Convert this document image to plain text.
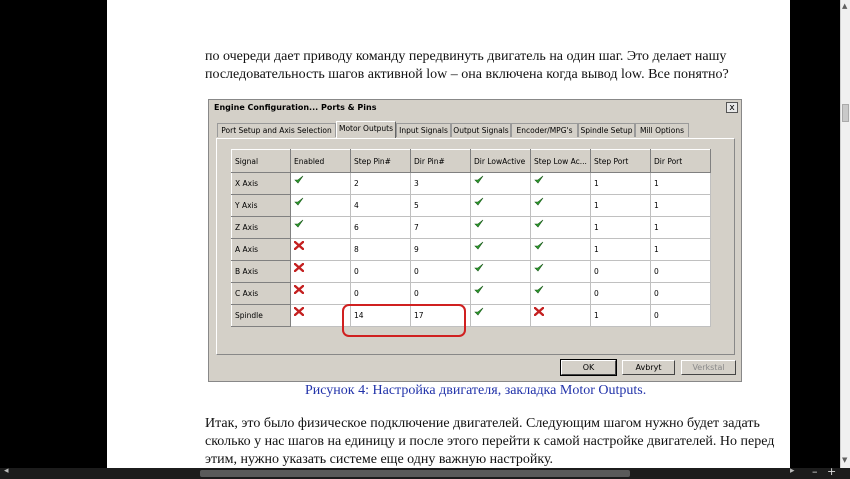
▲
▼

по очереди дает приводу команду передвинуть двигатель на один шаг. Это делает нашу последовательность шагов активной low – она включена когда вывод low. Все понятно?

Engine Configuration... Ports & Pins	x
Port Setup and Axis Selection Motor Outputs Input Signals Output Signals	Encoder/MPG's	Spindle Setup Mill Options
Signal	Enabled	Step Pin#	Dir Pin#	Dir LowActive	Step Low Ac...	Step Port	Dir Port
X Axis		2	3			1	1
Y Axis		4	5			1	1
Z Axis		6	7			1	1
A Axis		8	9			1	1
B Axis		0	0			0	0
C Axis		0	0			0	0
Spindle		14	17			1	0
OK	Avbryt	Verkstal
Рисунок 4: Настройка двигателя, закладка Motor Outputs.

Итак, это было физическое подключение двигателей. Следующим шагом нужно будет задать сколько у нас шагов на единицу и после этого перейти к самой настройке двигателей. Но перед этим, нужно указать системе еще одну важную настройку.

◂	▸ – +
